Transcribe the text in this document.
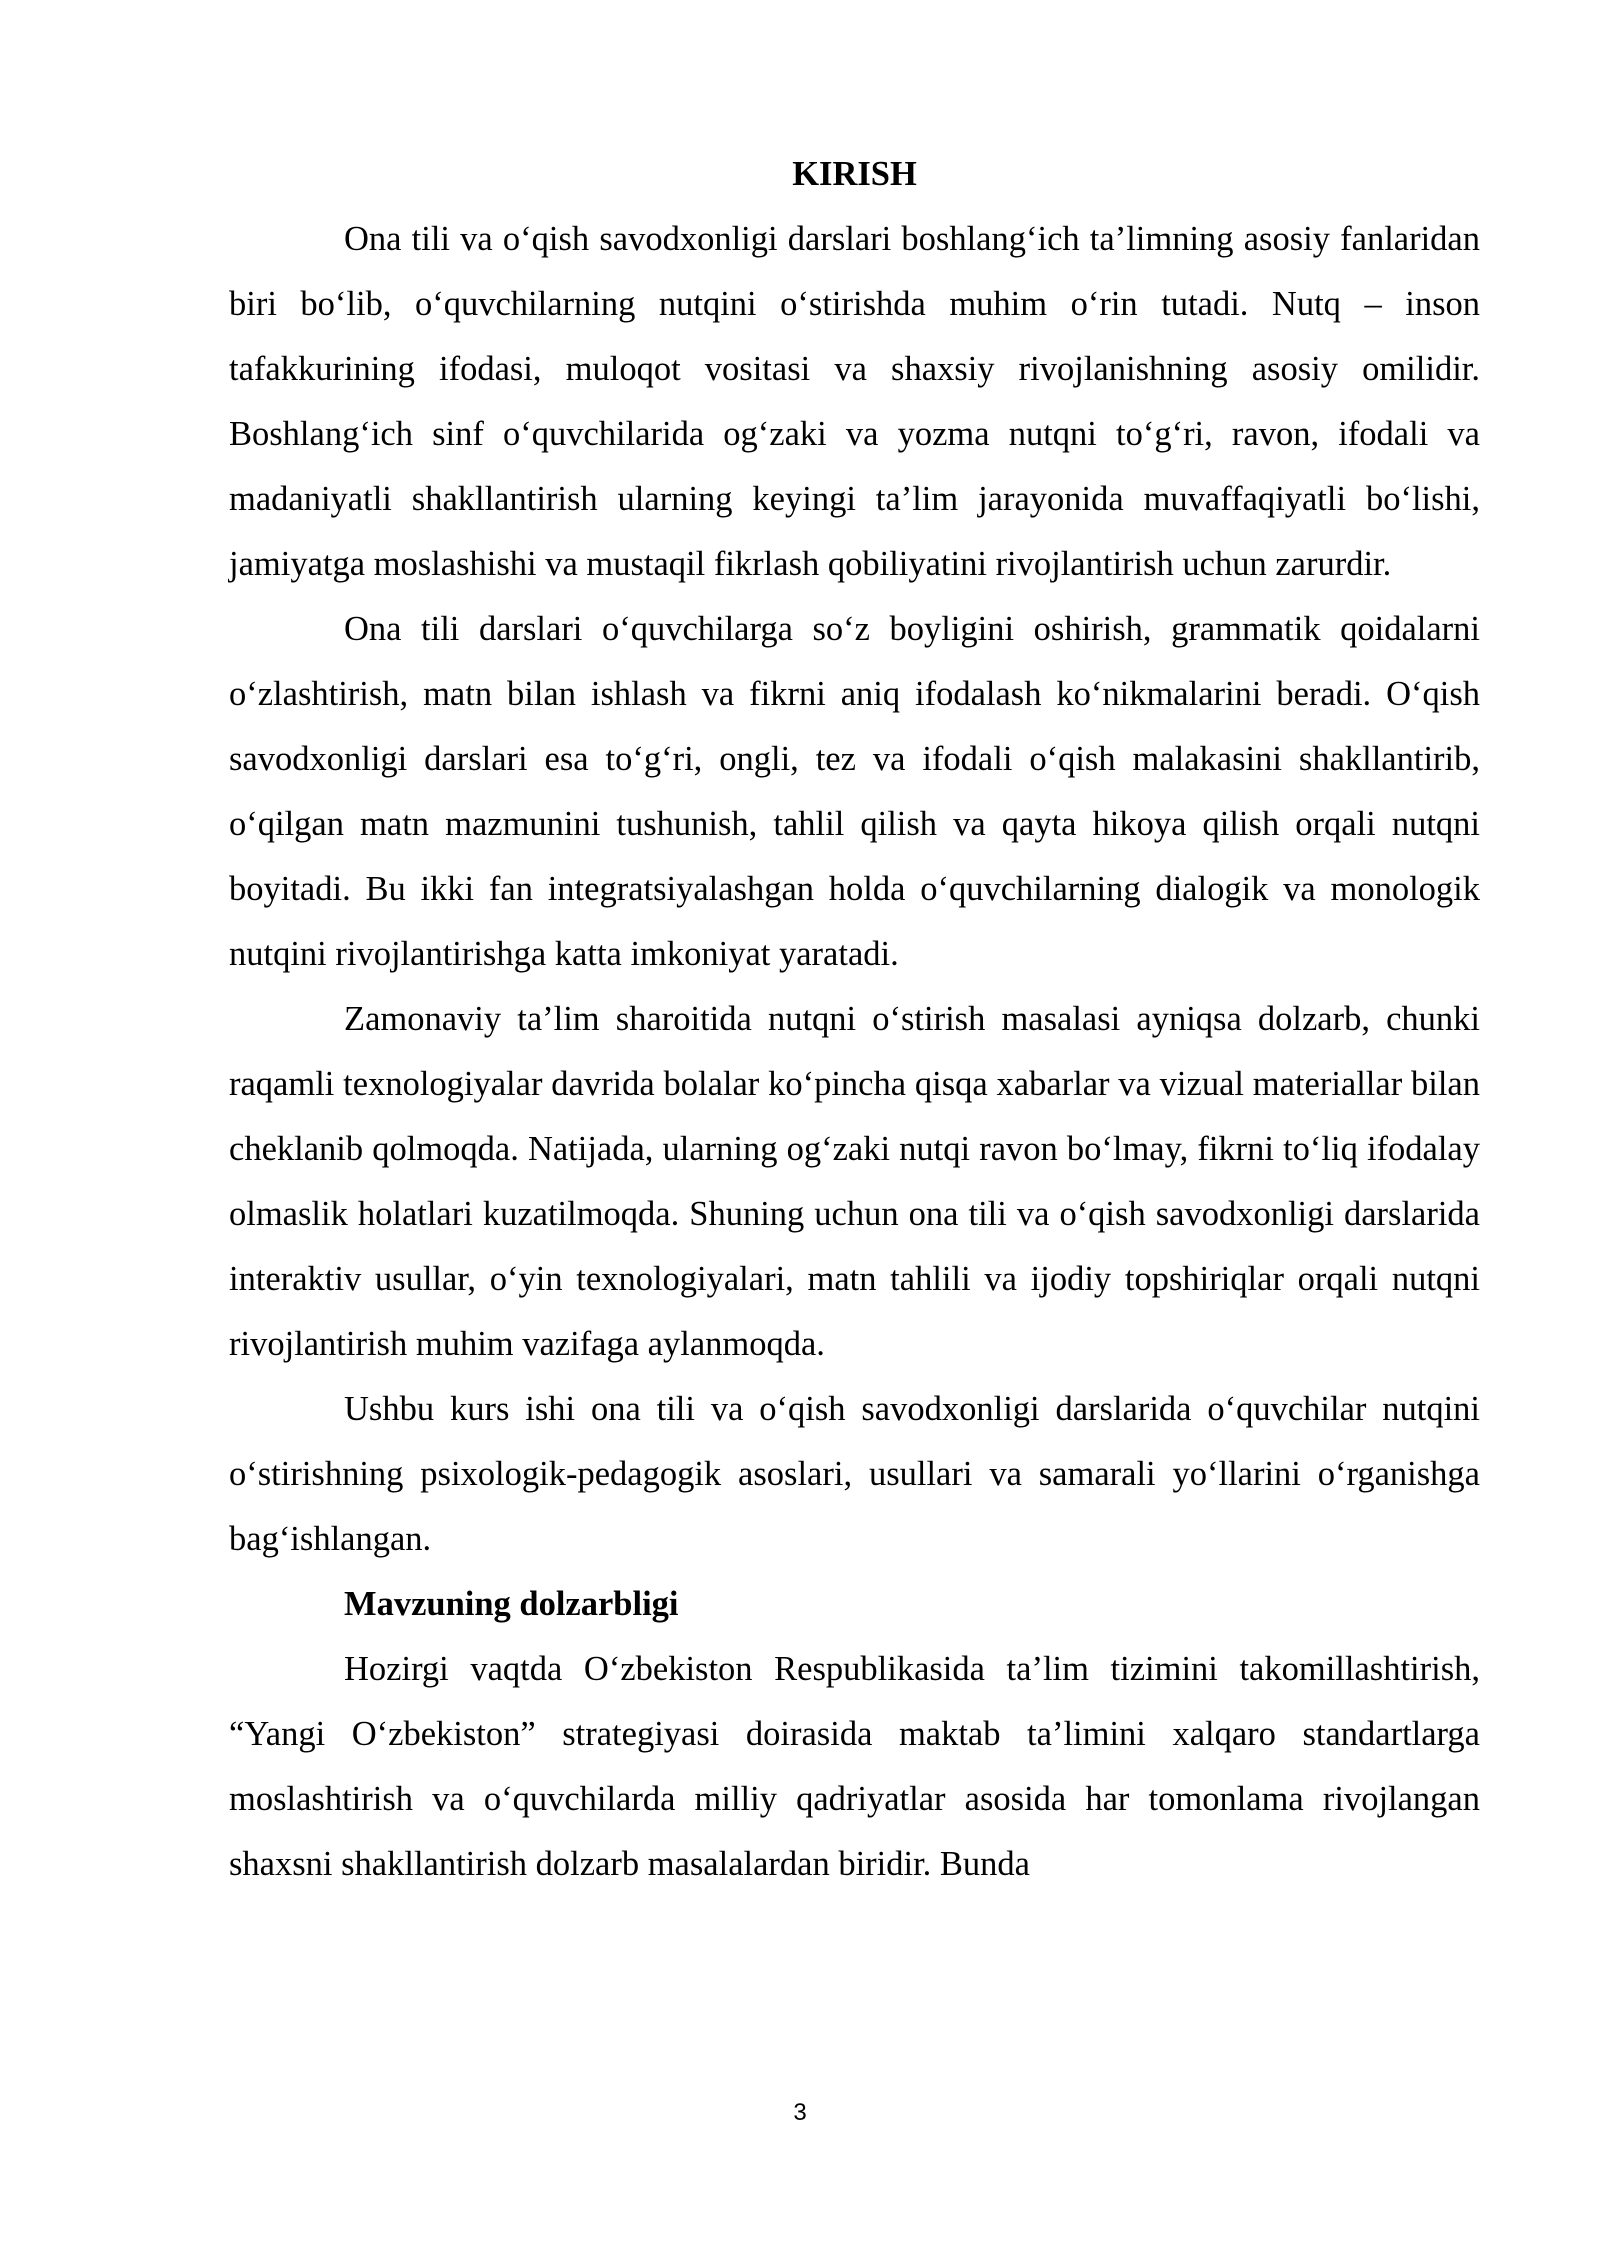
KIRISH

Ona tili va o‘qish savodxonligi darslari boshlang‘ich ta’limning asosiy fanlaridan biri bo‘lib, o‘quvchilarning nutqini o‘stirishda muhim o‘rin tutadi. Nutq – inson tafakkurining ifodasi, muloqot vositasi va shaxsiy rivojlanishning asosiy omilidir. Boshlang‘ich sinf o‘quvchilarida og‘zaki va yozma nutqni to‘g‘ri, ravon, ifodali va madaniyatli shakllantirish ularning keyingi ta’lim jarayonida muvaffaqiyatli bo‘lishi, jamiyatga moslashishi va mustaqil fikrlash qobiliyatini rivojlantirish uchun zarurdir.

Ona tili darslari o‘quvchilarga so‘z boyligini oshirish, grammatik qoidalarni o‘zlashtirish, matn bilan ishlash va fikrni aniq ifodalash ko‘nikmalarini beradi. O‘qish savodxonligi darslari esa to‘g‘ri, ongli, tez va ifodali o‘qish malakasini shakllantirib, o‘qilgan matn mazmunini tushunish, tahlil qilish va qayta hikoya qilish orqali nutqni boyitadi. Bu ikki fan integratsiyalashgan holda o‘quvchilarning dialogik va monologik nutqini rivojlantirishga katta imkoniyat yaratadi.

Zamonaviy ta’lim sharoitida nutqni o‘stirish masalasi ayniqsa dolzarb, chunki raqamli texnologiyalar davrida bolalar ko‘pincha qisqa xabarlar va vizual materiallar bilan cheklanib qolmoqda. Natijada, ularning og‘zaki nutqi ravon bo‘lmay, fikrni to‘liq ifodalay olmaslik holatlari kuzatilmoqda. Shuning uchun ona tili va o‘qish savodxonligi darslarida interaktiv usullar, o‘yin texnologiyalari, matn tahlili va ijodiy topshiriqlar orqali nutqni rivojlantirish muhim vazifaga aylanmoqda.

Ushbu kurs ishi ona tili va o‘qish savodxonligi darslarida o‘quvchilar nutqini o‘stirishning psixologik-pedagogik asoslari, usullari va samarali yo‘llarini o‘rganishga bag‘ishlangan.

Mavzuning dolzarbligi

Hozirgi vaqtda O‘zbekiston Respublikasida ta’lim tizimini takomillashtirish, “Yangi O‘zbekiston” strategiyasi doirasida maktab ta’limini xalqaro standartlarga moslashtirish va o‘quvchilarda milliy qadriyatlar asosida har tomonlama rivojlangan shaxsni shakllantirish dolzarb masalalardan biridir. Bunda

3
